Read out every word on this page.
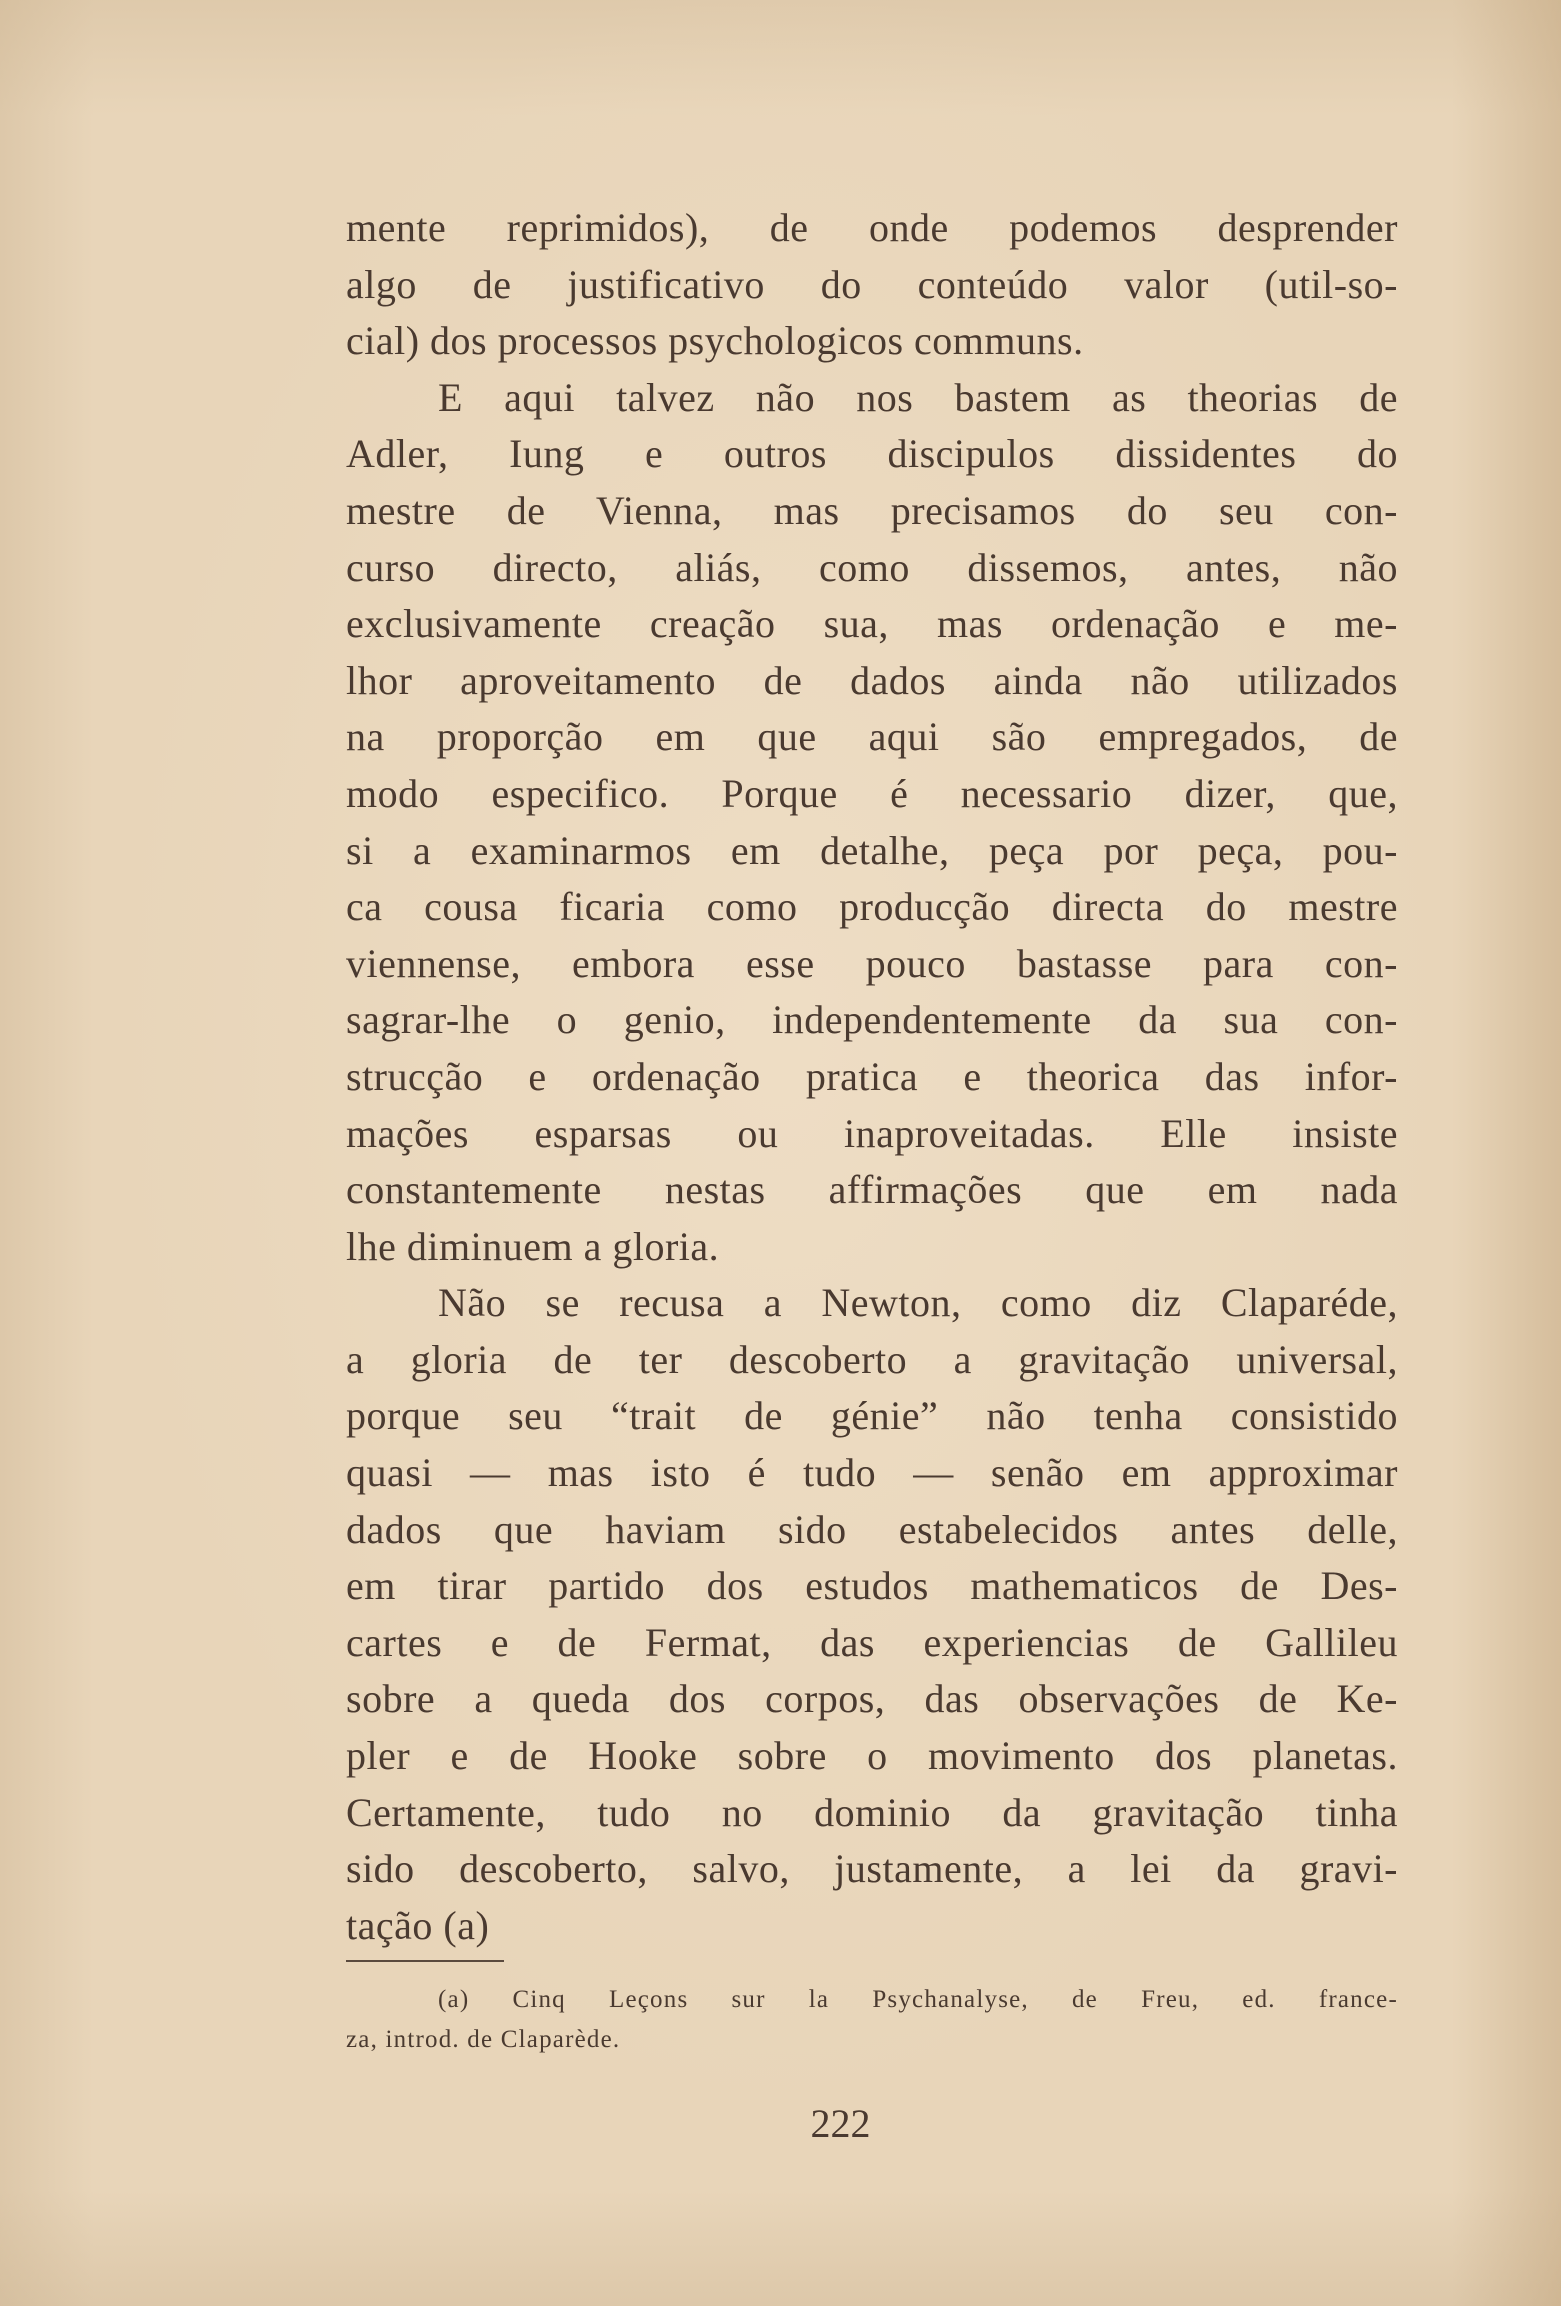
mente reprimidos), de onde podemos desprender
algo de justificativo do conteúdo valor (util-so-
cial) dos processos psychologicos communs.
E aqui talvez não nos bastem as theorias de
Adler, Iung e outros discipulos dissidentes do
mestre de Vienna, mas precisamos do seu con-
curso directo, aliás, como dissemos, antes, não
exclusivamente creação sua, mas ordenação e me-
lhor aproveitamento de dados ainda não utilizados
na proporção em que aqui são empregados, de
modo especifico. Porque é necessario dizer, que,
si a examinarmos em detalhe, peça por peça, pou-
ca cousa ficaria como producção directa do mestre
viennense, embora esse pouco bastasse para con-
sagrar-lhe o genio, independentemente da sua con-
strucção e ordenação pratica e theorica das infor-
mações esparsas ou inaproveitadas. Elle insiste
constantemente nestas affirmações que em nada
lhe diminuem a gloria.
Não se recusa a Newton, como diz Claparéde,
a gloria de ter descoberto a gravitação universal,
porque seu “trait de génie” não tenha consistido
quasi — mas isto é tudo — senão em approximar
dados que haviam sido estabelecidos antes delle,
em tirar partido dos estudos mathematicos de Des-
cartes e de Fermat, das experiencias de Gallileu
sobre a queda dos corpos, das observações de Ke-
pler e de Hooke sobre o movimento dos planetas.
Certamente, tudo no dominio da gravitação tinha
sido descoberto, salvo, justamente, a lei da gravi-
tação (a)
(a) Cinq Leçons sur la Psychanalyse, de Freu, ed. france-
za, introd. de Claparède.
222
